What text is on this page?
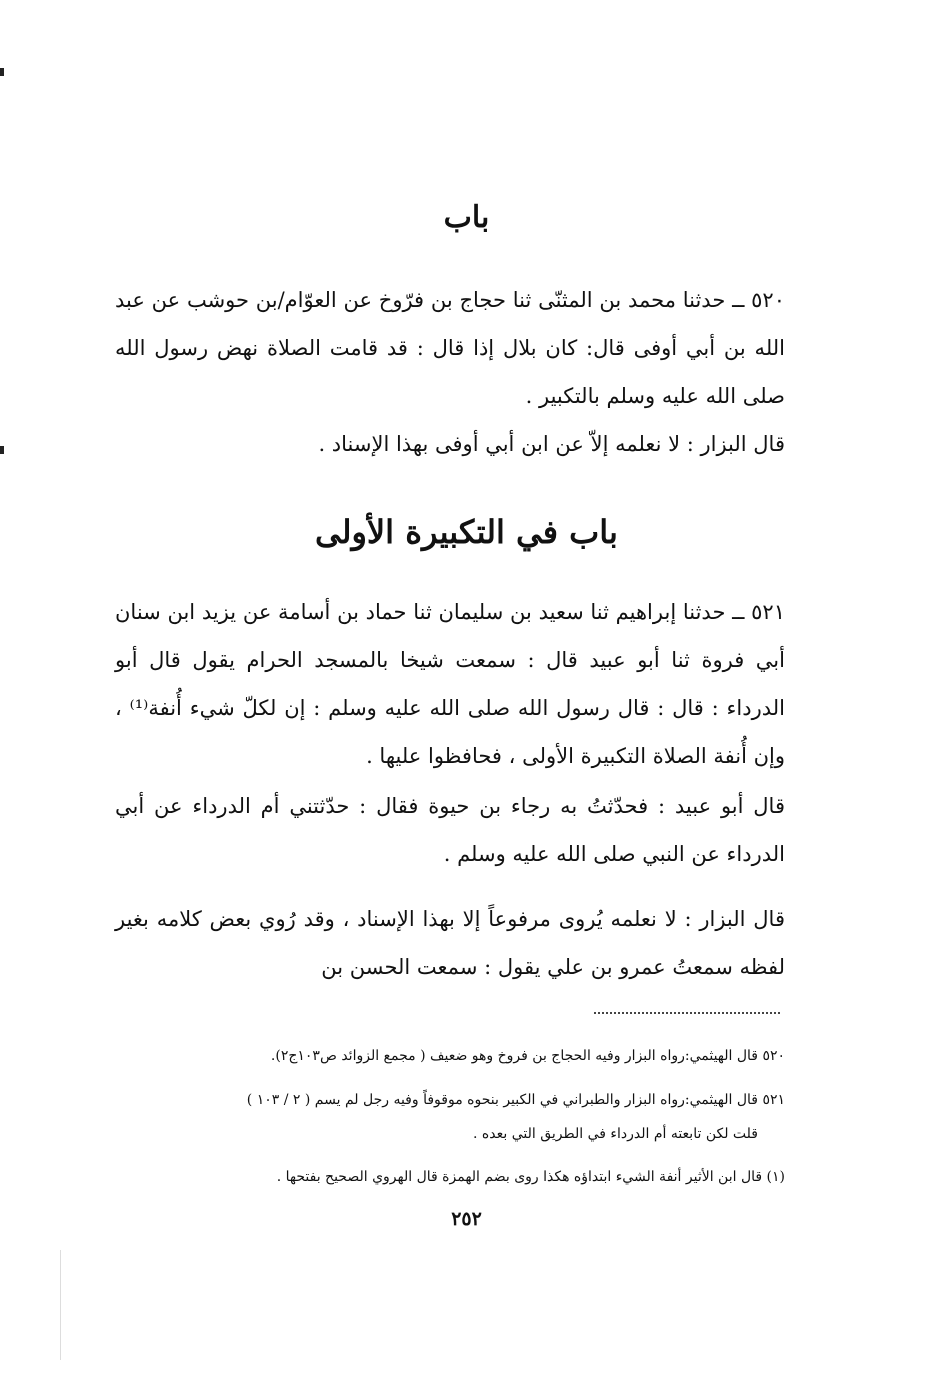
باب
٥٢٠ ــ حدثنا محمد بن المثنّى ثنا حجاج بن فرّوخ عن العوّام/بن حوشب عن عبد الله بن أبي أوفى قال: كان بلال إذا قال : قد قامت الصلاة نهض رسول الله صلى الله عليه وسلم بالتكبير .
قال البزار : لا نعلمه إلاّ عن ابن أبي أوفى بهذا الإسناد .
باب في التكبيرة الأولى
٥٢١ ــ حدثنا إبراهيم ثنا سعيد بن سليمان ثنا حماد بن أسامة عن يزيد ابن سنان أبي فروة ثنا أبو عبيد قال : سمعت شيخا بالمسجد الحرام يقول قال أبو الدرداء : قال : قال رسول الله صلى الله عليه وسلم : إن لكلّ شيء أُنفة⁽¹⁾ ، وإن أُنفة الصلاة التكبيرة الأولى ، فحافظوا عليها .
قال أبو عبيد : فحدّثتُ به رجاء بن حيوة فقال : حدّثتني أم الدرداء عن أبي الدرداء عن النبي صلى الله عليه وسلم .
قال البزار : لا نعلمه يُروى مرفوعاً إلا بهذا الإسناد ، وقد رُوي بعض كلامه بغير لفظه سمعتُ عمرو بن علي يقول : سمعت الحسن بن
٥٢٠ قال الهيثمي:رواه البزار وفيه الحجاج بن فروخ وهو ضعيف ( مجمع الزوائد ص١٠٣ج٢).
٥٢١ قال الهيثمي:رواه البزار والطبراني في الكبير بنحوه موقوفاً وفيه رجل لم يسم ( ٢ / ١٠٣ )
قلت لكن تابعته أم الدرداء في الطريق التي بعده .
(١) قال ابن الأثير أنفة الشيء ابتداؤه هكذا روى بضم الهمزة قال الهروي الصحيح بفتحها .
٢٥٢
